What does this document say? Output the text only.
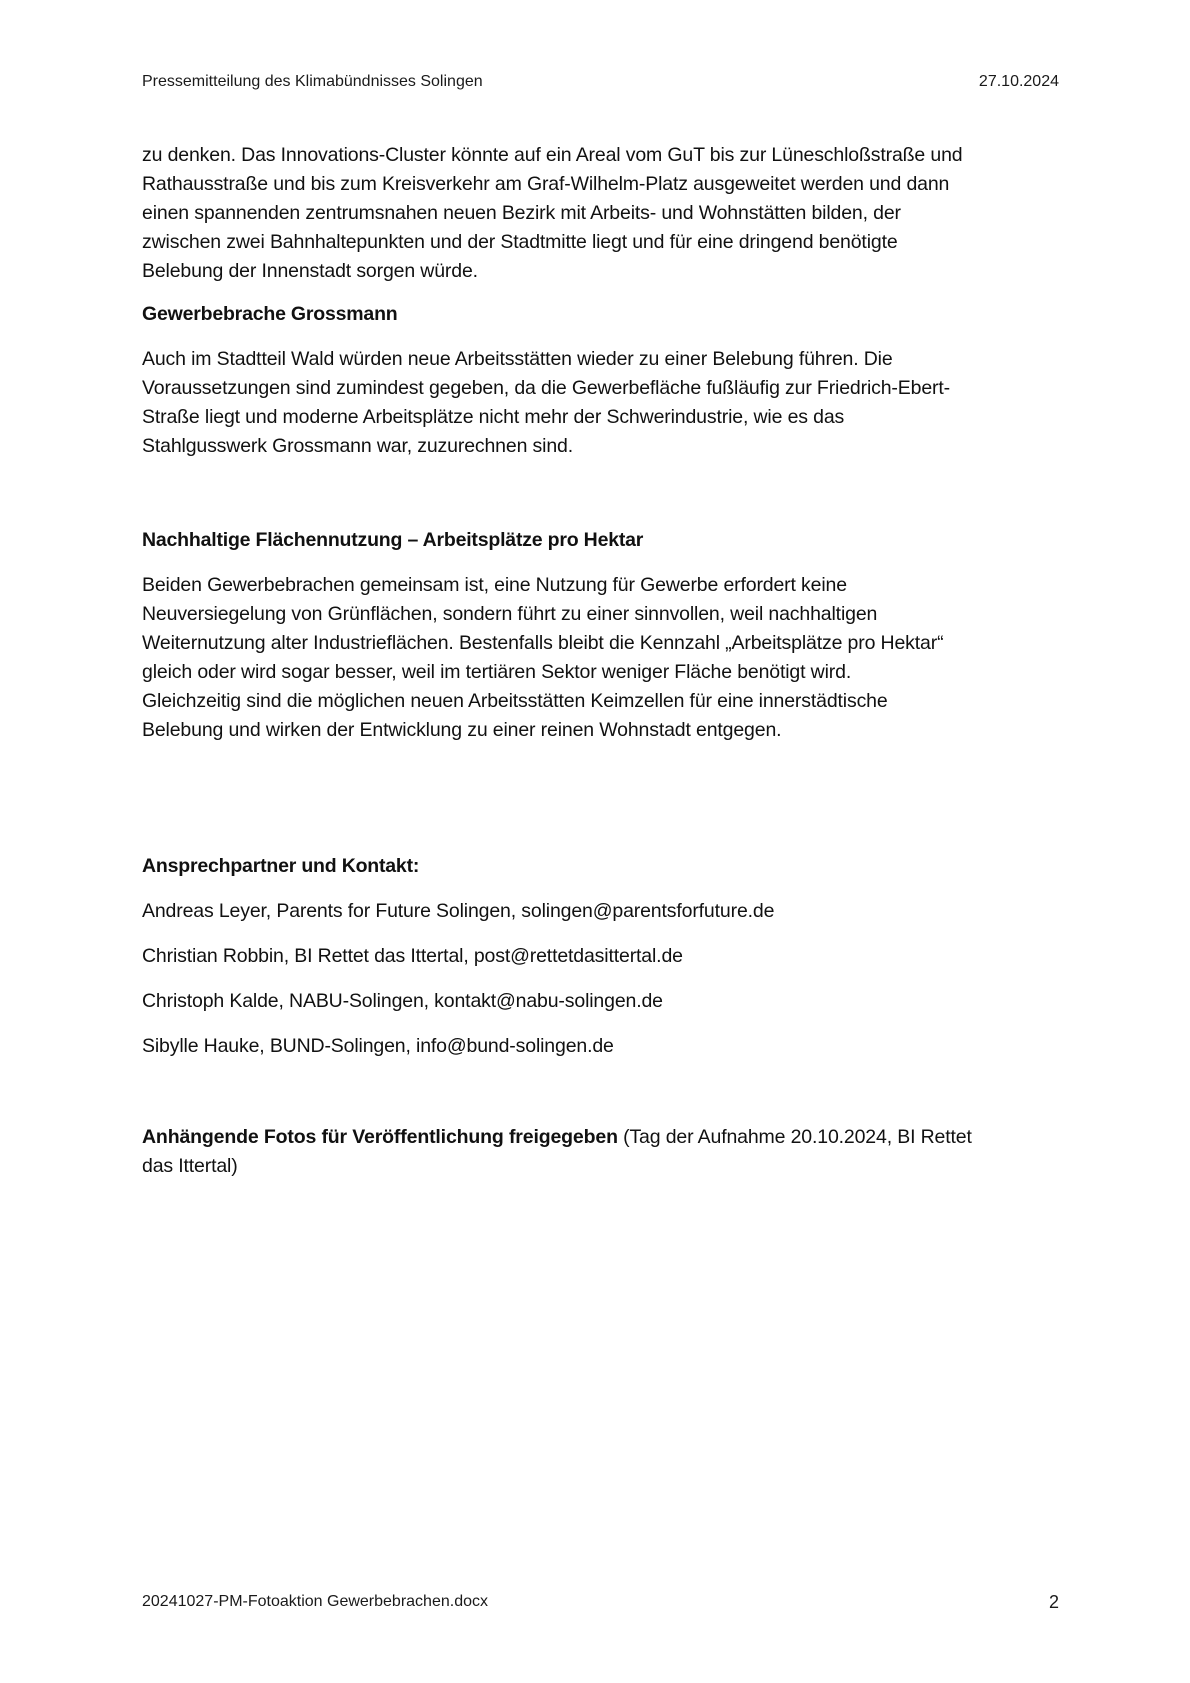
Pressemitteilung des Klimabündnisses Solingen	27.10.2024

zu denken. Das Innovations-Cluster könnte auf ein Areal vom GuT bis zur Lüneschloßstraße und

Rathausstraße und bis zum Kreisverkehr am Graf-Wilhelm-Platz ausgeweitet werden und dann

einen spannenden zentrumsnahen neuen Bezirk mit Arbeits- und Wohnstätten bilden, der

zwischen zwei Bahnhaltepunkten und der Stadtmitte liegt und für eine dringend benötigte

Belebung der Innenstadt sorgen würde.

Gewerbebrache Grossmann

Auch im Stadtteil Wald würden neue Arbeitsstätten wieder zu einer Belebung führen. Die

Voraussetzungen sind zumindest gegeben, da die Gewerbefläche fußläufig zur Friedrich-Ebert-

Straße liegt und moderne Arbeitsplätze nicht mehr der Schwerindustrie, wie es das

Stahlgusswerk Grossmann war, zuzurechnen sind.

Nachhaltige Flächennutzung – Arbeitsplätze pro Hektar

Beiden Gewerbebrachen gemeinsam ist, eine Nutzung für Gewerbe erfordert keine

Neuversiegelung von Grünflächen, sondern führt zu einer sinnvollen, weil nachhaltigen

Weiternutzung alter Industrieflächen. Bestenfalls bleibt die Kennzahl „Arbeitsplätze pro Hektar“

gleich oder wird sogar besser, weil im tertiären Sektor weniger Fläche benötigt wird.

Gleichzeitig sind die möglichen neuen Arbeitsstätten Keimzellen für eine innerstädtische

Belebung und wirken der Entwicklung zu einer reinen Wohnstadt entgegen.

Ansprechpartner und Kontakt:

Andreas Leyer, Parents for Future Solingen, solingen@parentsforfuture.de

Christian Robbin, BI Rettet das Ittertal, post@rettetdasittertal.de

Christoph Kalde, NABU-Solingen, kontakt@nabu-solingen.de

Sibylle Hauke, BUND-Solingen, info@bund-solingen.de

Anhängende Fotos für Veröffentlichung freigegeben (Tag der Aufnahme 20.10.2024, BI Rettet

das Ittertal)

20241027-PM-Fotoaktion Gewerbebrachen.docx	2
